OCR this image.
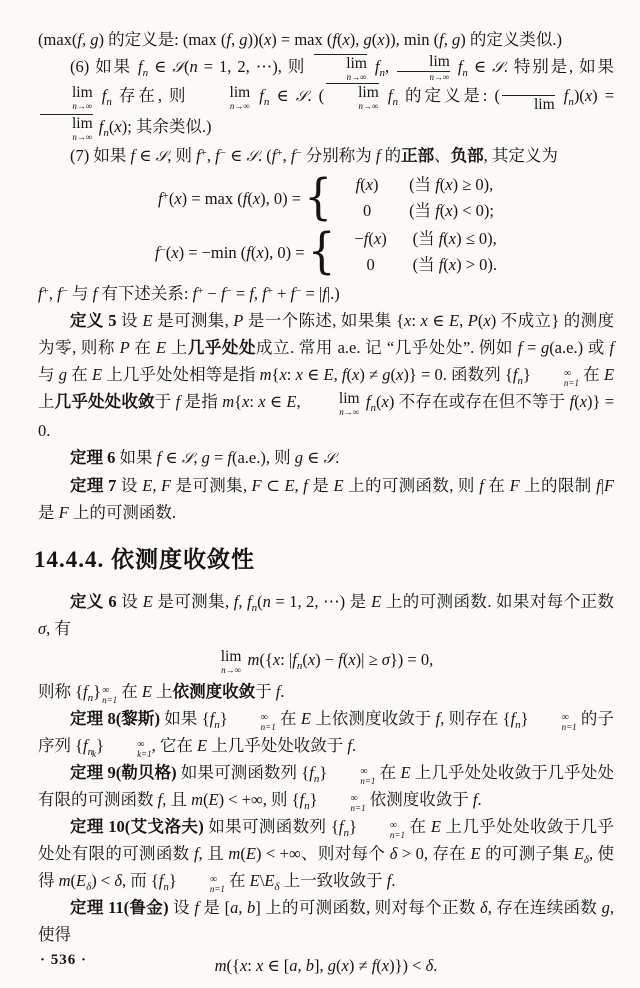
(max(f, g) 的定义是: (max (f, g))(x) = max (f(x), g(x)), min (f, g) 的定义类似.)
(6) 如果 $f_n$ ∈ 𝒮(n = 1, 2, ⋯), 则	lim
n→∞
$f_n$,	lim
n→∞
$f_n$ ∈ 𝒮. 特别是, 如果
lim
n→∞
$f_n$ 存在, 则	lim
n→∞
$f_n$ ∈ 𝒮. (	lim
n→∞
$f_n$ 的定义是: (	$\lim f_n)(x)$ =
lim
n→∞
$f_n(x)$; 其余类似.)
(7) 如果 f ∈ 𝒮, 则 f+, f− ∈ 𝒮. (f+, f− 分别称为 f 的正部、负部, 其定义为
f+(x) = max (f(x), 0) = {	f(x)	(当 f(x) ≥ 0),
0	(当 f(x) < 0);
f−(x) = −min (f(x), 0) = {	−f(x)	(当 f(x) ≤ 0),
0	(当 f(x) > 0).
f+, f− 与 f 有下述关系: f+ − f− = f, f+ + f− = |f|.)
定义 5 设 E 是可测集, P 是一个陈述, 如果集 {x: x ∈ E, P(x) 不成立} 的测度为零, 则称 P 在 E 上几乎处处成立. 常用 a.e. 记 “几乎处处”. 例如 f = g(a.e.) 或 f 与 g 在 E 上几乎处处相等是指 m{x: x ∈ E, f(x) ≠ g(x)} = 0. 函数列 $\{f_n\}$	∞
n=1 在 E 上几乎处处收敛于 f 是指 m{x: x ∈ E,	lim
n→∞
$f_n(x)$ 不存在或存在但不等于 f(x)} = 0.
定理 6 如果 f ∈ 𝒮, g = f(a.e.), 则 g ∈ 𝒮.
定理 7 设 E, F 是可测集, F ⊂ E, f 是 E 上的可测函数, 则 f 在 F 上的限制 f|F 是 F 上的可测函数.
14.4.4. 依测度收敛性
定义 6 设 E 是可测集, f, $f_n(n = 1$, 2, ⋯) 是 E 上的可测函数. 如果对每个正数 σ, 有
lim
n→∞
m({x: $|f_n(x) - f(x)| \ge \sigma\}) = 0$,
则称 $\{f_n\}$ ∞
n=1 在 E 上依测度收敛于 f.
定理 8(黎斯) 如果 $\{f_n\}$	∞
n=1 在 E 上依测度收敛于 f, 则存在 $\{f_n\}$	∞
n=1 的子序列 $\{f_{nk}\}$	∞
k=1 , 它在 E 上几乎处处收敛于 f.
定理 9(勒贝格) 如果可测函数列 $\{f_n\}$	∞
n=1 在 E 上几乎处处收敛于几乎处处有限的可测函数 f, 且 m(E) < +∞, 则 $\{f_n\}$	∞
n=1 依测度收敛于 f.
定理 10(艾戈洛夫) 如果可测函数列 $\{f_n\}$	∞
n=1 在 E 上几乎处处收敛于几乎处处有限的可测函数 f, 且 m(E) < +∞、则对每个 δ > 0, 存在 E 的可测子集 $E_\delta$, 使得 $m(E_\delta) < \delta$, 而 $\{f_n\}$	∞
n=1 在 $E\backslash E_\delta$ 上一致收敛于 f.
定理 11(鲁金) 设 f 是 [a, b] 上的可测函数, 则对每个正数 δ, 存在连续函数 g, 使得
m({x: x ∈ [a, b], g(x) ≠ f(x)}) < δ.
· 536 ·
